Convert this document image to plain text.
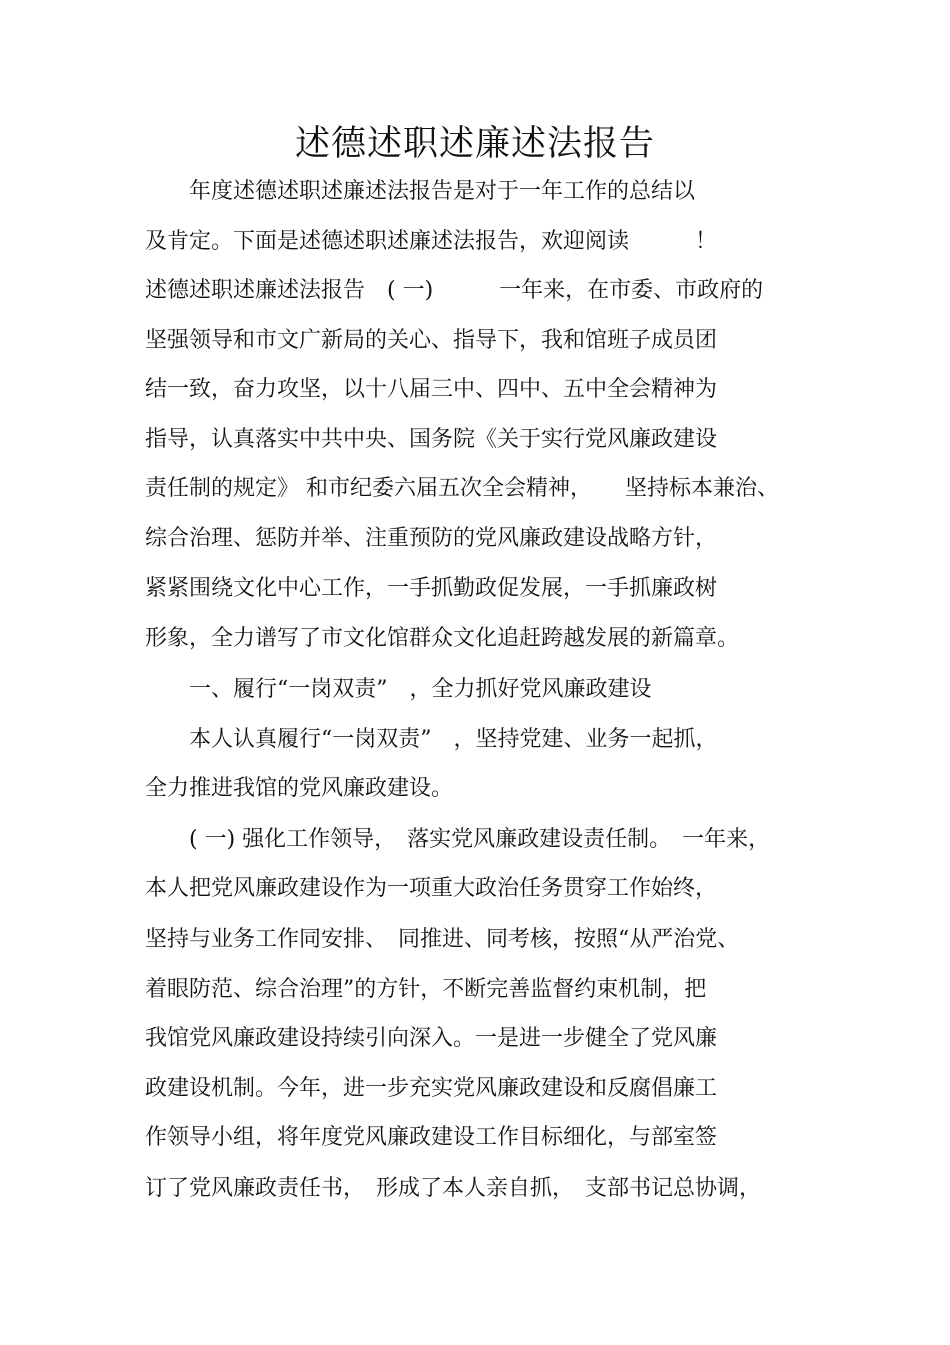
述德述职述廉述法报告

　　年度述德述职述廉述法报告是对于一年工作的总结以

及肯定。下面是述德述职述廉述法报告，欢迎阅读　　　！

述德述职述廉述法报告　( 一)　　　一年来，在市委、市政府的

坚强领导和市文广新局的关心、指导下，我和馆班子成员团

结一致，奋力攻坚，以十八届三中、四中、五中全会精神为

指导，认真落实中共中央、国务院《关于实行党风廉政建设

责任制的规定》 和市纪委六届五次全会精神，　　坚持标本兼治、

综合治理、惩防并举、注重预防的党风廉政建设战略方针，

紧紧围绕文化中心工作，一手抓勤政促发展，一手抓廉政树

形象，全力谱写了市文化馆群众文化追赶跨越发展的新篇章。

　　一、履行“一岗双责”　，全力抓好党风廉政建设

　　本人认真履行“一岗双责”　，坚持党建、业务一起抓，

全力推进我馆的党风廉政建设。

　　( 一) 强化工作领导，　落实党风廉政建设责任制。　一年来，

本人把党风廉政建设作为一项重大政治任务贯穿工作始终，

坚持与业务工作同安排、　同推进、同考核，按照“从严治党、

着眼防范、综合治理”的方针，不断完善监督约束机制，把

我馆党风廉政建设持续引向深入。一是进一步健全了党风廉

政建设机制。今年，进一步充实党风廉政建设和反腐倡廉工

作领导小组，将年度党风廉政建设工作目标细化，与部室签

订了党风廉政责任书，　形成了本人亲自抓，　支部书记总协调，
